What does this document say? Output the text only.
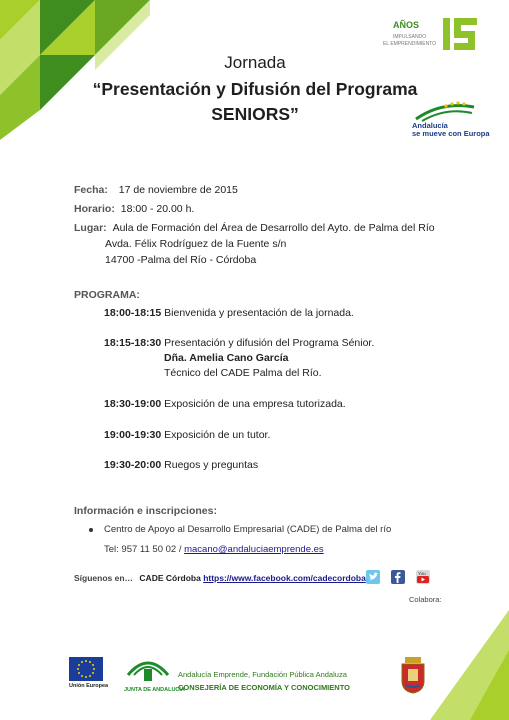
AÑOS
IMPULSANDO
EL EMPRENDIMIENTO
Andalucía
se mueve con Europa
Jornada
“Presentación y Difusión del Programa
SENIORS”
Fecha: 17 de noviembre de 2015
Horario: 18:00 - 20.00 h.
Lugar: Aula de Formación del Área de Desarrollo del Ayto. de Palma del Río
Avda. Félix Rodríguez de la Fuente s/n
14700 -Palma del Río - Córdoba
PROGRAMA:
18:00-18:15 Bienvenida y presentación de la jornada.
18:15-18:30 Presentación y difusión del Programa Sénior.
Dña. Amelia Cano García
Técnico del CADE Palma del Río.
18:30-19:00 Exposición de una empresa tutorizada.
19:00-19:30 Exposición de un tutor.
19:30-20:00 Ruegos y preguntas
Información e inscripciones:
Centro de Apoyo al Desarrollo Empresarial (CADE) de Palma del río
Tel: 957 11 50 02 / macano@andaluciaemprende.es
Síguenos en… CADE Córdoba https://www.facebook.com/cadecordoba	You
Colabora:
Unión Europea
JUNTA DE ANDALUCIA
Andalucía Emprende, Fundación Pública Andaluza
CONSEJERÍA DE ECONOMÍA Y CONOCIMIENTO
